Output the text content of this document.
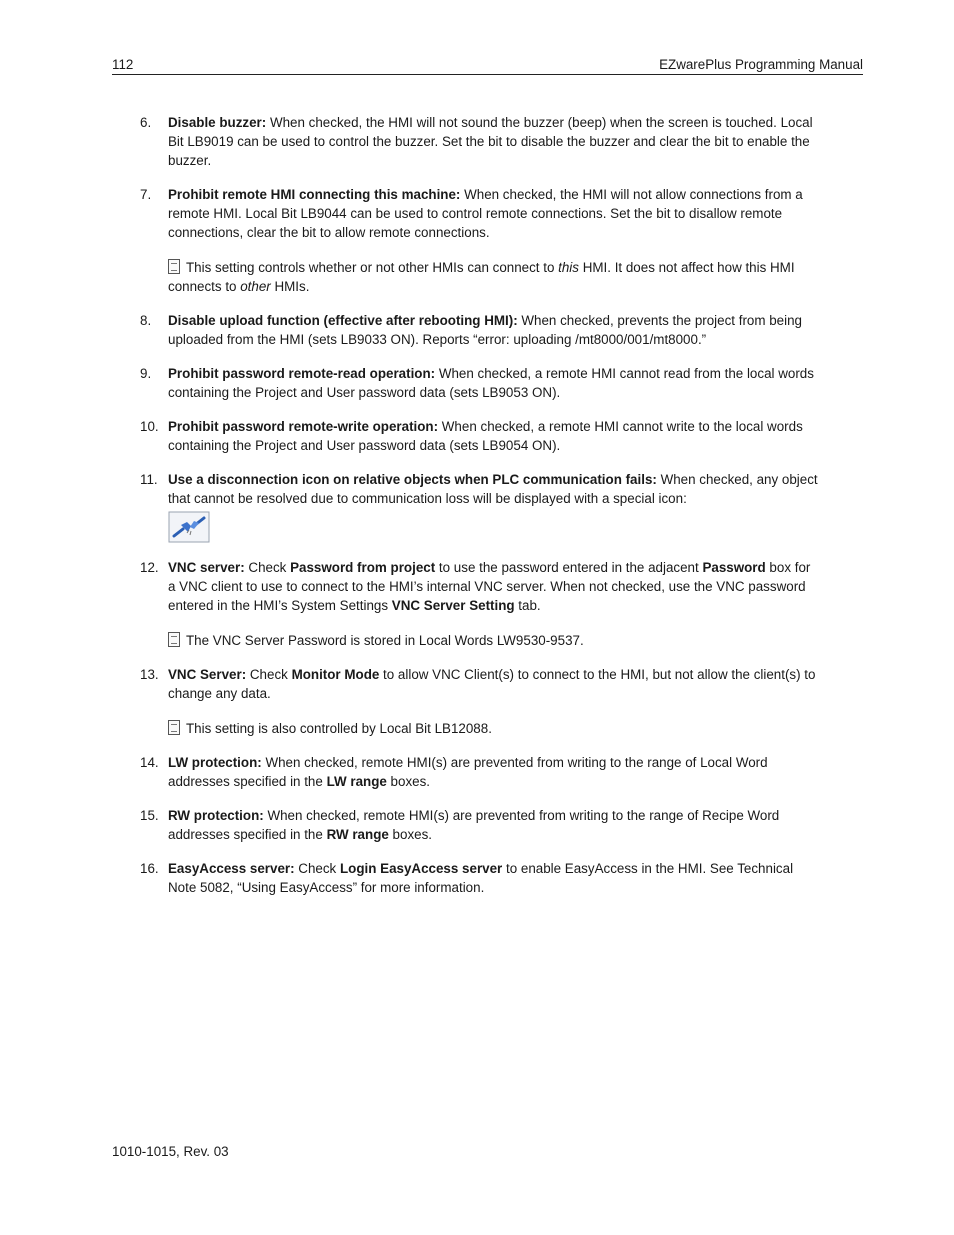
112	EZwarePlus Programming Manual
6. Disable buzzer: When checked, the HMI will not sound the buzzer (beep) when the screen is touched. Local Bit LB9019 can be used to control the buzzer. Set the bit to disable the buzzer and clear the bit to enable the buzzer.
7. Prohibit remote HMI connecting this machine: When checked, the HMI will not allow connections from a remote HMI. Local Bit LB9044 can be used to control remote connections. Set the bit to disallow remote connections, clear the bit to allow remote connections.
This setting controls whether or not other HMIs can connect to this HMI. It does not affect how this HMI connects to other HMIs.
8. Disable upload function (effective after rebooting HMI): When checked, prevents the project from being uploaded from the HMI (sets LB9033 ON). Reports “error: uploading /mt8000/001/mt8000.”
9. Prohibit password remote-read operation: When checked, a remote HMI cannot read from the local words containing the Project and User password data (sets LB9053 ON).
10. Prohibit password remote-write operation: When checked, a remote HMI cannot write to the local words containing the Project and User password data (sets LB9054 ON).
11. Use a disconnection icon on relative objects when PLC communication fails: When checked, any object that cannot be resolved due to communication loss will be displayed with a special icon:
12. VNC server: Check Password from project to use the password entered in the adjacent Password box for a VNC client to use to connect to the HMI’s internal VNC server. When not checked, use the VNC password entered in the HMI’s System Settings VNC Server Setting tab.
The VNC Server Password is stored in Local Words LW9530-9537.
13. VNC Server: Check Monitor Mode to allow VNC Client(s) to connect to the HMI, but not allow the client(s) to change any data.
This setting is also controlled by Local Bit LB12088.
14. LW protection: When checked, remote HMI(s) are prevented from writing to the range of Local Word addresses specified in the LW range boxes.
15. RW protection: When checked, remote HMI(s) are prevented from writing to the range of Recipe Word addresses specified in the RW range boxes.
16. EasyAccess server: Check Login EasyAccess server to enable EasyAccess in the HMI. See Technical Note 5082, “Using EasyAccess” for more information.
1010-1015, Rev. 03
